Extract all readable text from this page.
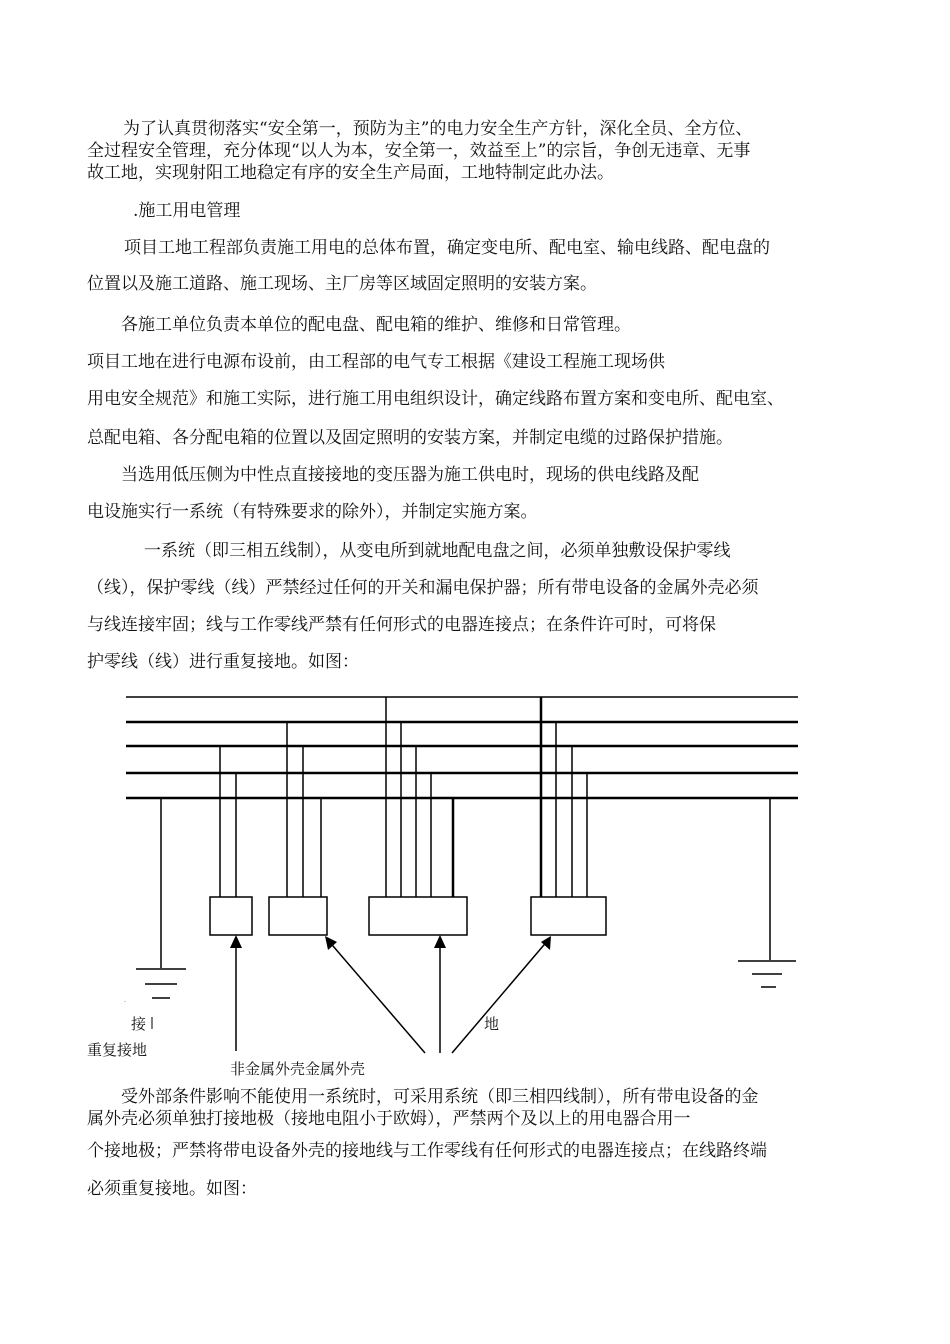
为了认真贯彻落实“安全第一，预防为主”的电力安全生产方针，深化全员、全方位、
全过程安全管理，充分体现“以人为本，安全第一，效益至上”的宗旨，争创无违章、无事
故工地，实现射阳工地稳定有序的安全生产局面，工地特制定此办法。
.施工用电管理
项目工地工程部负责施工用电的总体布置，确定变电所、配电室、输电线路、配电盘的
位置以及施工道路、施工现场、主厂房等区域固定照明的安装方案。
各施工单位负责本单位的配电盘、配电箱的维护、维修和日常管理。
项目工地在进行电源布设前，由工程部的电气专工根据《建设工程施工现场供
用电安全规范》和施工实际，进行施工用电组织设计，确定线路布置方案和变电所、配电室、
总配电箱、各分配电箱的位置以及固定照明的安装方案，并制定电缆的过路保护措施。
当选用低压侧为中性点直接接地的变压器为施工供电时，现场的供电线路及配
电设施实行一系统（有特殊要求的除外），并制定实施方案。
一系统（即三相五线制），从变电所到就地配电盘之间，必须单独敷设保护零线
（线），保护零线（线）严禁经过任何的开关和漏电保护器；所有带电设备的金属外壳必须
与线连接牢固；线与工作零线严禁有任何形式的电器连接点；在条件许可时，可将保
护零线（线）进行重复接地。如图：
·
接	地
重复接地
非金属外壳金属外壳
受外部条件影响不能使用一系统时，可采用系统（即三相四线制），所有带电设备的金
属外壳必须单独打接地极（接地电阻小于欧姆），严禁两个及以上的用电器合用一
个接地极；严禁将带电设备外壳的接地线与工作零线有任何形式的电器连接点；在线路终端
必须重复接地。如图：
